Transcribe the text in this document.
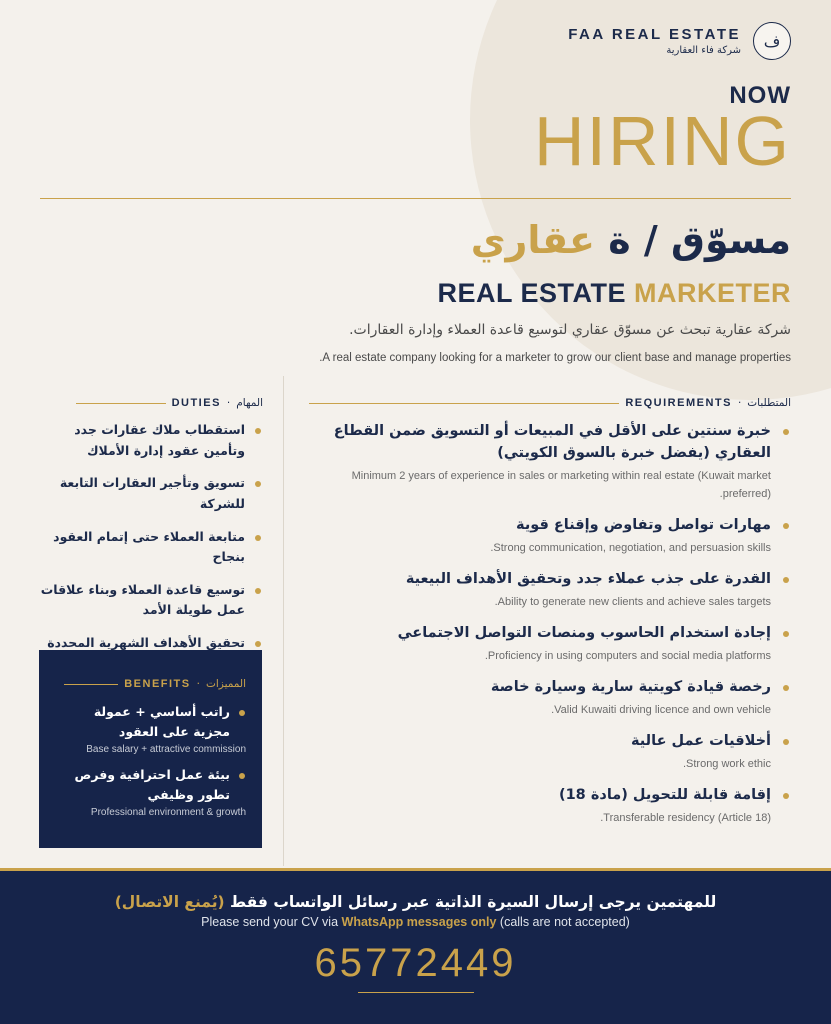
FAA REAL ESTATE
شركة فاء العقارية ف
NOW
HIRING
مسوّق / ة عقاري
REAL ESTATE MARKETER
شركة عقارية تبحث عن مسوّق عقاري لتوسيع قاعدة العملاء وإدارة العقارات.
A real estate company looking for a marketer to grow our client base and manage properties.
المتطلبات
·
REQUIREMENTS
خبرة سنتين على الأقل في المبيعات أو التسويق ضمن القطاع العقاري (يفضل خبرة بالسوق الكويتي)
Minimum 2 years of experience in sales or marketing within real estate (Kuwait market preferred).
مهارات تواصل وتفاوض وإقناع قوية
Strong communication, negotiation, and persuasion skills.
القدرة على جذب عملاء جدد وتحقيق الأهداف البيعية
Ability to generate new clients and achieve sales targets.
إجادة استخدام الحاسوب ومنصات التواصل الاجتماعي
Proficiency in using computers and social media platforms.
رخصة قيادة كويتية سارية وسيارة خاصة
Valid Kuwaiti driving licence and own vehicle.
أخلاقيات عمل عالية
Strong work ethic.
إقامة قابلة للتحويل (مادة 18)
Transferable residency (Article 18).
المهام
·
DUTIES
استقطاب ملاك عقارات جدد وتأمين عقود إدارة الأملاك
تسويق وتأجير العقارات التابعة للشركة
متابعة العملاء حتى إتمام العقود بنجاح
توسيع قاعدة العملاء وبناء علاقات عمل طويلة الأمد
تحقيق الأهداف الشهرية المحددة
المميزات
·
BENEFITS
راتب أساسي + عمولة مجزية على العقود
Base salary + attractive commission
بيئة عمل احترافية وفرص تطور وظيفي
Professional environment & growth
للمهتمين يرجى إرسال السيرة الذاتية عبر رسائل الواتساب فقط (يُمنع الاتصال)
Please send your CV via WhatsApp messages only (calls are not accepted)
65772449
